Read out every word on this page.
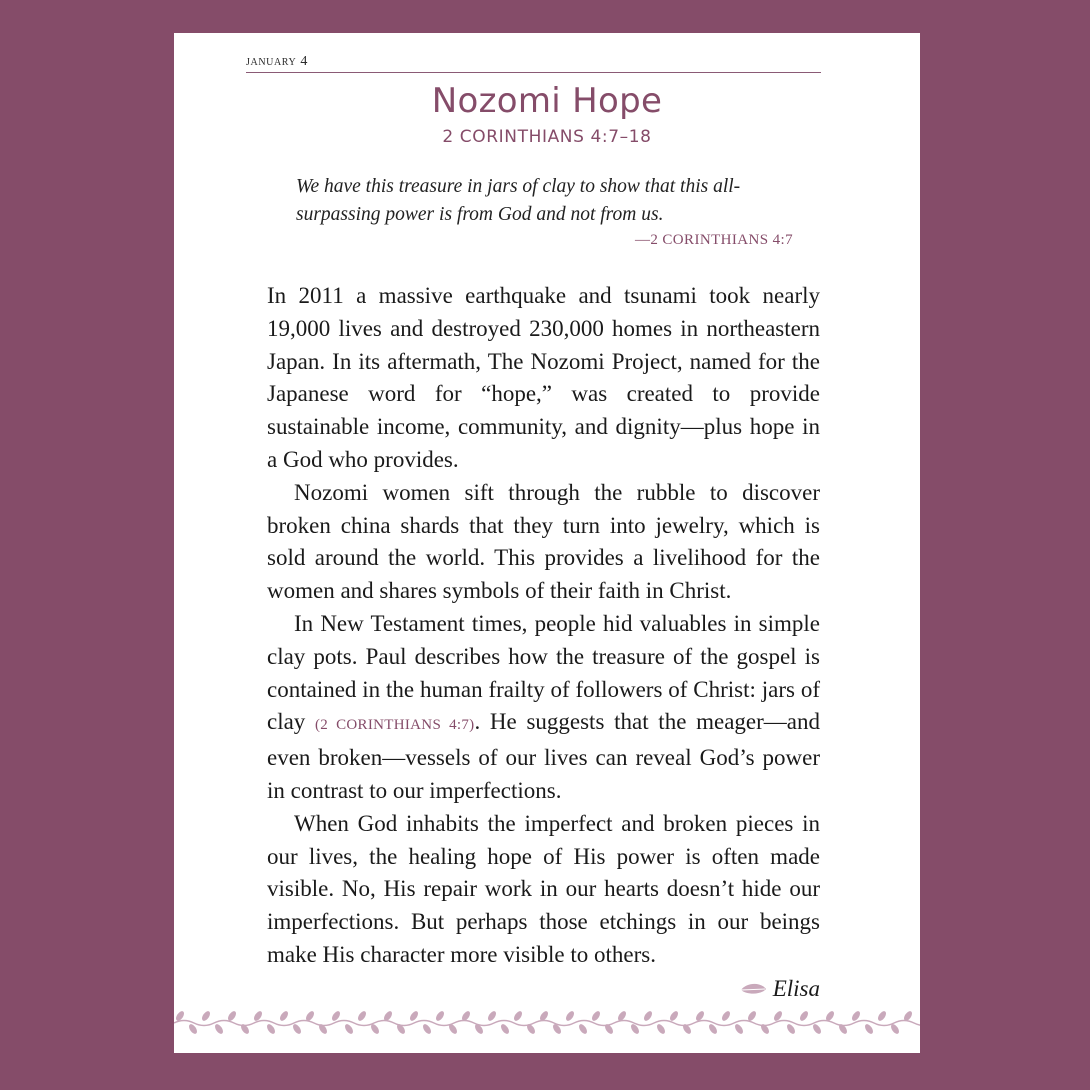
january 4
Nozomi Hope
2 CORINTHIANS 4:7–18
We have this treasure in jars of clay to show that this all-surpassing power is from God and not from us.
—2 CORINTHIANS 4:7

In 2011 a massive earthquake and tsunami took nearly 19,000 lives and destroyed 230,000 homes in northeastern Japan. In its aftermath, The Nozomi Project, named for the Japanese word for “hope,” was created to provide sustainable income, community, and dignity—plus hope in a God who provides.

Nozomi women sift through the rubble to discover broken china shards that they turn into jewelry, which is sold around the world. This provides a livelihood for the women and shares symbols of their faith in Christ.

In New Testament times, people hid valuables in simple clay pots. Paul describes how the treasure of the gospel is contained in the human frailty of followers of Christ: jars of clay (2 CORINTHIANS 4:7). He suggests that the meager—and even broken—vessels of our lives can reveal God’s power in contrast to our imperfections.

When God inhabits the imperfect and broken pieces in our lives, the healing hope of His power is often made visible. No, His repair work in our hearts doesn’t hide our imperfections. But perhaps those etchings in our beings make His character more visible to others.

Elisa
